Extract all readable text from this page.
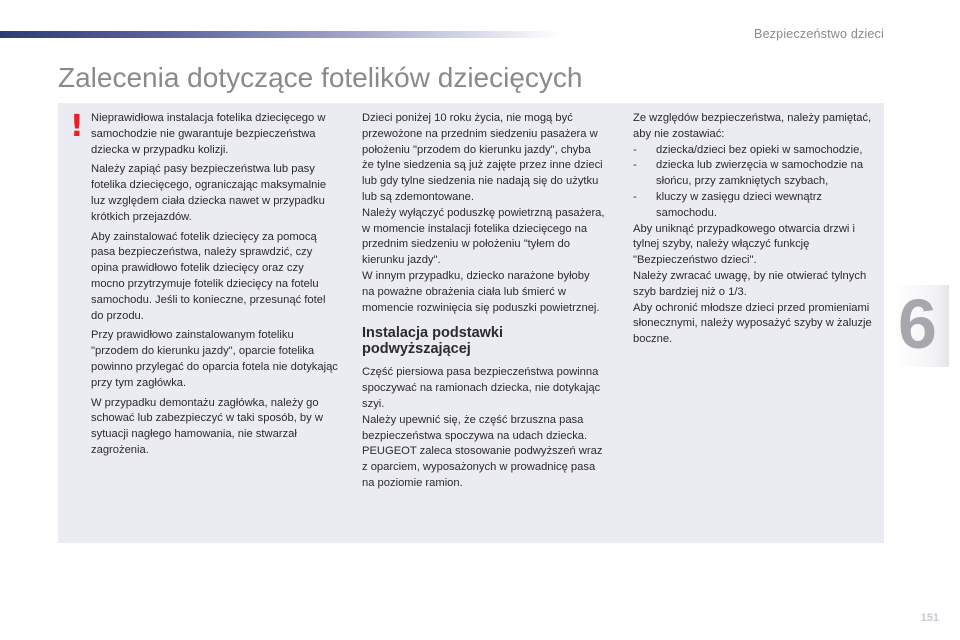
Bezpieczeństwo dzieci
Zalecenia dotyczące fotelików dziecięcych
! Nieprawidłowa instalacja fotelika dziecięcego w samochodzie nie gwarantuje bezpieczeństwa dziecka w przypadku kolizji.

Należy zapiąć pasy bezpieczeństwa lub pasy fotelika dziecięcego, ograniczając maksymalnie luz względem ciała dziecka nawet w przypadku krótkich przejazdów.

Aby zainstalować fotelik dziecięcy za pomocą pasa bezpieczeństwa, należy sprawdzić, czy opina prawidłowo fotelik dziecięcy oraz czy mocno przytrzymuje fotelik dziecięcy na fotelu samochodu. Jeśli to konieczne, przesunąć fotel do przodu.

Przy prawidłowo zainstalowanym foteliku "przodem do kierunku jazdy", oparcie fotelika powinno przylegać do oparcia fotela nie dotykając przy tym zagłówka.

W przypadku demontażu zagłówka, należy go schować lub zabezpieczyć w taki sposób, by w sytuacji nagłego hamowania, nie stwarzał zagrożenia.

Dzieci poniżej 10 roku życia, nie mogą być przewożone na przednim siedzeniu pasażera w położeniu "przodem do kierunku jazdy", chyba że tylne siedzenia są już zajęte przez inne dzieci lub gdy tylne siedzenia nie nadają się do użytku lub są zdemontowane.

Należy wyłączyć poduszkę powietrzną pasażera, w momencie instalacji fotelika dziecięcego na przednim siedzeniu w położeniu "tyłem do kierunku jazdy".

W innym przypadku, dziecko narażone byłoby na poważne obrażenia ciała lub śmierć w momencie rozwinięcia się poduszki powietrznej.

Instalacja podstawki podwyższającej

Część piersiowa pasa bezpieczeństwa powinna spoczywać na ramionach dziecka, nie dotykając szyi.

Należy upewnić się, że część brzuszna pasa bezpieczeństwa spoczywa na udach dziecka.

PEUGEOT zaleca stosowanie podwyższeń wraz z oparciem, wyposażonych w prowadnicę pasa na poziomie ramion.

Ze względów bezpieczeństwa, należy pamiętać, aby nie zostawiać:

- dziecka/dzieci bez opieki w samochodzie,
- dziecka lub zwierzęcia w samochodzie na słońcu, przy zamkniętych szybach,
- kluczy w zasięgu dzieci wewnątrz samochodu.

Aby uniknąć przypadkowego otwarcia drzwi i tylnej szyby, należy włączyć funkcję "Bezpieczeństwo dzieci".

Należy zwracać uwagę, by nie otwierać tylnych szyb bardziej niż o 1/3.

Aby ochronić młodsze dzieci przed promieniami słonecznymi, należy wyposażyć szyby w żaluzje boczne.	6
151
